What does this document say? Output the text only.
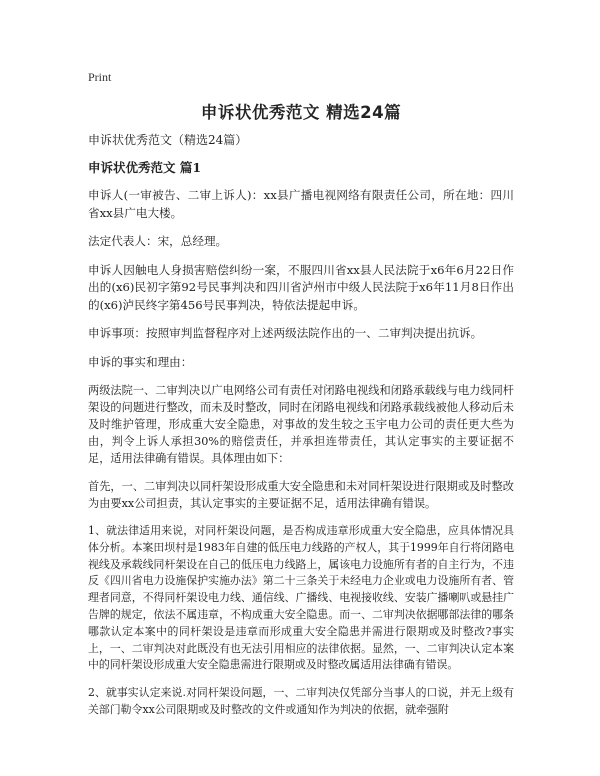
Print
申诉状优秀范文 精选24篇
申诉状优秀范文（精选24篇）
申诉状优秀范文 篇1

申诉人(一审被告、二审上诉人)：xx县广播电视网络有限责任公司，所在地：四川省xx县广电大楼。

法定代表人：宋，总经理。

申诉人因触电人身损害赔偿纠纷一案，不服四川省xx县人民法院于x6年6月22日作出的(x6)民初字第92号民事判决和四川省泸州市中级人民法院于x6年11月8日作出的(x6)泸民终字第456号民事判决，特依法提起申诉。

申诉事项：按照审判监督程序对上述两级法院作出的一、二审判决提出抗诉。

申诉的事实和理由：

两级法院一、二审判决以广电网络公司有责任对闭路电视线和闭路承载线与电力线同杆架设的问题进行整改，而未及时整改，同时在闭路电视线和闭路承载线被他人移动后未及时维护管理，形成重大安全隐患，对事故的发生较之玉宇电力公司的责任更大些为由，判令上诉人承担30%的赔偿责任，并承担连带责任，其认定事实的主要证据不足，适用法律确有错误。具体理由如下：

首先，一、二审判决以同杆架设形成重大安全隐患和未对同杆架设进行限期或及时整改为由要xx公司担责，其认定事实的主要证据不足，适用法律确有错误。

1、就法律适用来说，对同杆架设问题，是否构成违章形成重大安全隐患，应具体情况具体分析。本案田坝村是1983年自建的低压电力线路的产权人，其于1999年自行将闭路电视线及承载线同杆架设在自己的低压电力线路上，属该电力设施所有者的自主行为，不违反《四川省电力设施保护实施办法》第二十三条关于未经电力企业或电力设施所有者、管理者同意，不得同杆架设电力线、通信线、广播线、电视接收线、安装广播喇叭或悬挂广告牌的规定，依法不属违章，不构成重大安全隐患。而一、二审判决依据哪部法律的哪条哪款认定本案中的同杆架设是违章而形成重大安全隐患并需进行限期或及时整改?事实上，一、二审判决对此既没有也无法引用相应的法律依据。显然，一、二审判决认定本案中的同杆架设形成重大安全隐患需进行限期或及时整改属适用法律确有错误。

2、就事实认定来说.对同杆架设问题，一、二审判决仅凭部分当事人的口说，并无上级有关部门勒令xx公司限期或及时整改的文件或通知作为判决的依据，就牵强附
